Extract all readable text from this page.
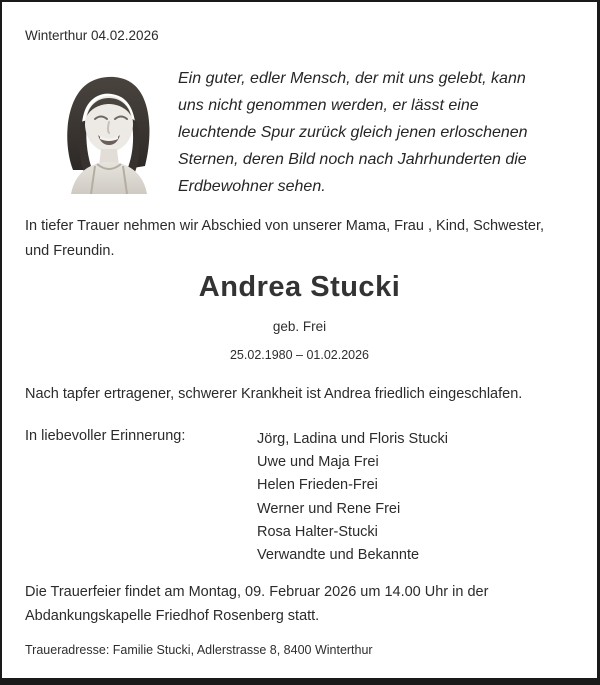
Winterthur 04.02.2026
Ein guter, edler Mensch, der mit uns gelebt, kann
uns nicht genommen werden, er lässt eine
leuchtende Spur zurück gleich jenen erloschenen
Sternen, deren Bild noch nach Jahrhunderten die
Erdbewohner sehen.
In tiefer Trauer nehmen wir Abschied von unserer Mama, Frau , Kind, Schwester,
und Freundin.
Andrea Stucki
geb. Frei
25.02.1980 – 01.02.2026
Nach tapfer ertragener, schwerer Krankheit ist Andrea friedlich eingeschlafen.
In liebevoller Erinnerung:	Jörg, Ladina und Floris Stucki
Uwe und Maja Frei
Helen Frieden-Frei
Werner und Rene Frei
Rosa Halter-Stucki
Verwandte und Bekannte
Die Trauerfeier findet am Montag, 09. Februar 2026 um 14.00 Uhr in der
Abdankungskapelle Friedhof Rosenberg statt.
Traueradresse: Familie Stucki, Adlerstrasse 8, 8400 Winterthur
